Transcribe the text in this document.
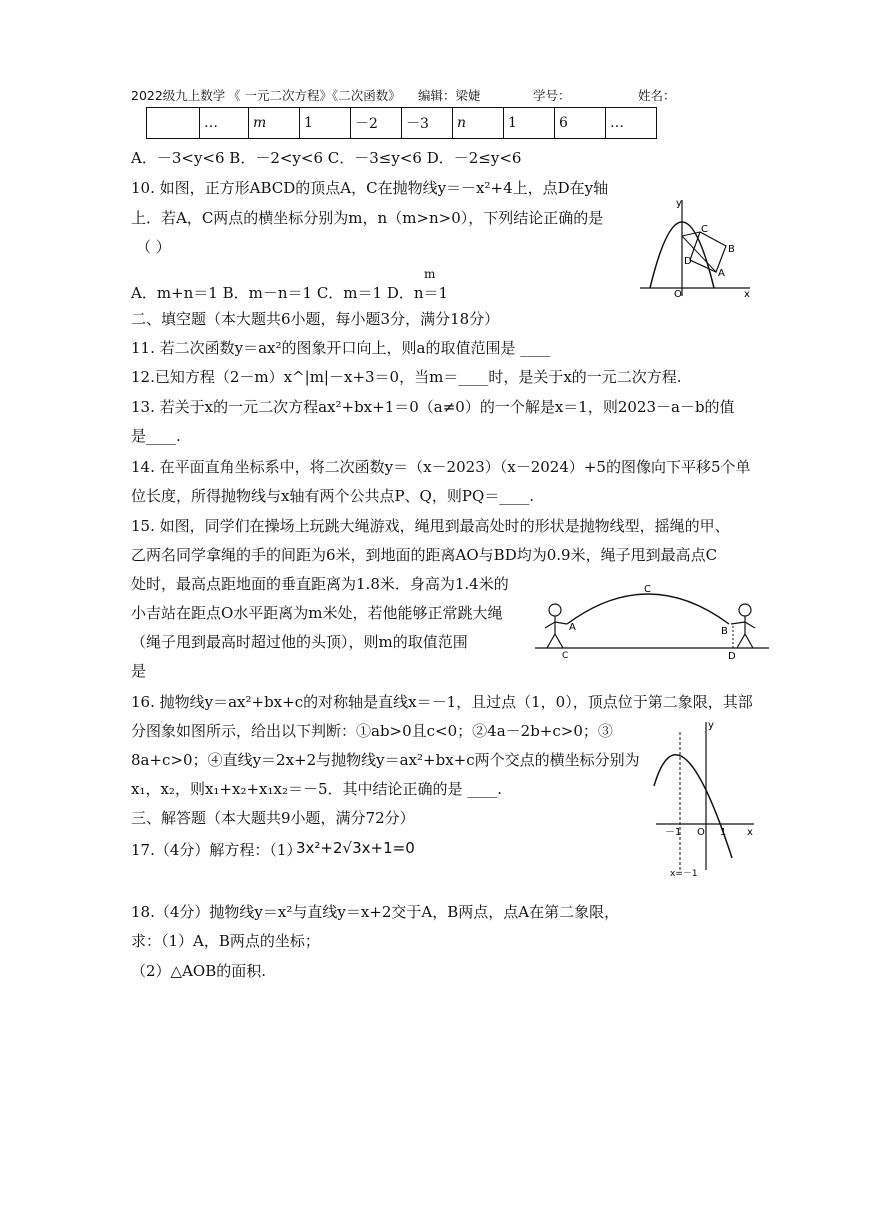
2022级九上数学 《 一元二次方程》《二次函数》 编辑：梁婕	学号：	姓名：
	…	m	1	－2	－3	n	1	6	…
A．－3<y<6 B．－2<y<6 C．－3≤y<6 D．－2≤y<6
10. 如图，正方形ABCD的顶点A，C在抛物线y＝－x²+4上，点D在y轴
上．若A，C两点的横坐标分别为m，n（m>n>0），下列结论正确的是
（ ）
m
A．m+n＝1 B．m－n＝1 C．m＝1 D．n＝1
y
x
O
A
B
C
D
二、填空题（本大题共6小题，每小题3分，满分18分）
11. 若二次函数y＝ax²的图象开口向上，则a的取值范围是 ____
12.已知方程（2－m）x^|m|－x+3＝0，当m＝____时，是关于x的一元二次方程.
13. 若关于x的一元二次方程ax²+bx+1＝0（a≠0）的一个解是x＝1，则2023－a－b的值
是____.
14. 在平面直角坐标系中，将二次函数y＝（x－2023）（x－2024）+5的图像向下平移5个单
位长度，所得抛物线与x轴有两个公共点P、Q，则PQ＝____.
15. 如图，同学们在操场上玩跳大绳游戏，绳甩到最高处时的形状是抛物线型，摇绳的甲、
乙两名同学拿绳的手的间距为6米，到地面的距离AO与BD均为0.9米，绳子甩到最高点C
处时，最高点距地面的垂直距离为1.8米．身高为1.4米的
小吉站在距点O水平距离为m米处，若他能够正常跳大绳
（绳子甩到最高时超过他的头顶），则m的取值范围
是
C
A	B
C	D
16. 抛物线y＝ax²+bx+c的对称轴是直线x＝－1，且过点（1，0），顶点位于第二象限，其部
分图象如图所示，给出以下判断：①ab>0且c<0；②4a－2b+c>0；③
8a+c>0；④直线y＝2x+2与抛物线y＝ax²+bx+c两个交点的横坐标分别为
x₁，x₂，则x₁+x₂+x₁x₂＝－5．其中结论正确的是 ____.
y
x
O
－1	1
x=－1
三、解答题（本大题共9小题，满分72分）
17.（4分）解方程：（1）
3x²+2√3x+1=0
18.（4分）抛物线y＝x²与直线y＝x+2交于A，B两点，点A在第二象限，
求：（1）A，B两点的坐标；
（2）△AOB的面积.
